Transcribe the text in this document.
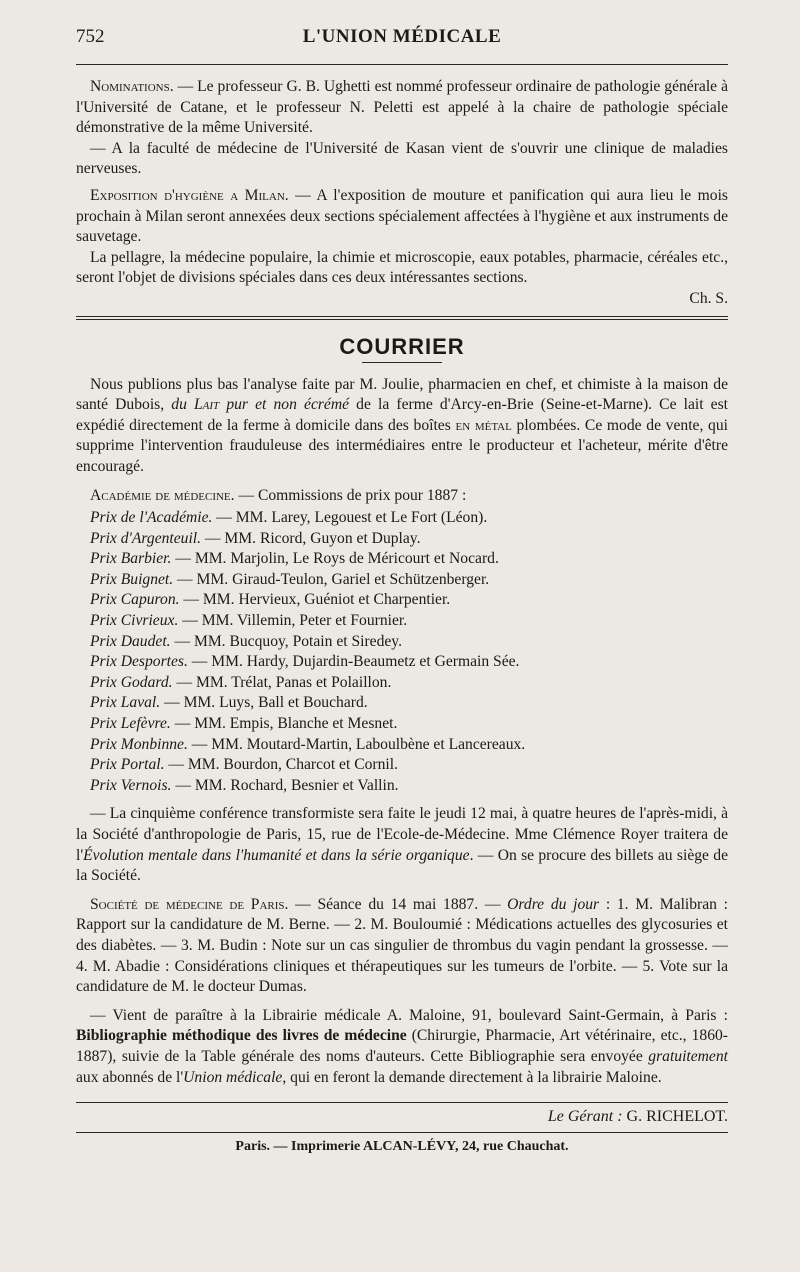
752	L'UNION MÉDICALE

Nominations. — Le professeur G. B. Ughetti est nommé professeur ordinaire de pathologie générale à l'Université de Catane, et le professeur N. Peletti est appelé à la chaire de pathologie spéciale démonstrative de la même Université.

— A la faculté de médecine de l'Université de Kasan vient de s'ouvrir une clinique de maladies nerveuses.

Exposition d'hygiène a Milan. — A l'exposition de mouture et panification qui aura lieu le mois prochain à Milan seront annexées deux sections spécialement affectées à l'hygiène et aux instruments de sauvetage.

La pellagre, la médecine populaire, la chimie et microscopie, eaux potables, pharmacie, céréales etc., seront l'objet de divisions spéciales dans ces deux intéressantes sections.

Ch. S.

COURRIER

Nous publions plus bas l'analyse faite par M. Joulie, pharmacien en chef, et chimiste à la maison de santé Dubois, du Lait pur et non écrémé de la ferme d'Arcy-en-Brie (Seine-et-Marne). Ce lait est expédié directement de la ferme à domicile dans des boîtes en métal plombées. Ce mode de vente, qui supprime l'intervention frauduleuse des intermédiaires entre le producteur et l'acheteur, mérite d'être encouragé.

Académie de médecine. — Commissions de prix pour 1887 :

Prix de l'Académie. — MM. Larey, Legouest et Le Fort (Léon).
Prix d'Argenteuil. — MM. Ricord, Guyon et Duplay.
Prix Barbier. — MM. Marjolin, Le Roys de Méricourt et Nocard.
Prix Buignet. — MM. Giraud-Teulon, Gariel et Schützenberger.
Prix Capuron. — MM. Hervieux, Guéniot et Charpentier.
Prix Civrieux. — MM. Villemin, Peter et Fournier.
Prix Daudet. — MM. Bucquoy, Potain et Siredey.
Prix Desportes. — MM. Hardy, Dujardin-Beaumetz et Germain Sée.
Prix Godard. — MM. Trélat, Panas et Polaillon.
Prix Laval. — MM. Luys, Ball et Bouchard.
Prix Lefèvre. — MM. Empis, Blanche et Mesnet.
Prix Monbinne. — MM. Moutard-Martin, Laboulbène et Lancereaux.
Prix Portal. — MM. Bourdon, Charcot et Cornil.
Prix Vernois. — MM. Rochard, Besnier et Vallin.

— La cinquième conférence transformiste sera faite le jeudi 12 mai, à quatre heures de l'après-midi, à la Société d'anthropologie de Paris, 15, rue de l'Ecole-de-Médecine. Mme Clémence Royer traitera de l'Évolution mentale dans l'humanité et dans la série organique. — On se procure des billets au siège de la Société.

Société de médecine de Paris. — Séance du 14 mai 1887. — Ordre du jour : 1. M. Malibran : Rapport sur la candidature de M. Berne. — 2. M. Bouloumié : Médications actuelles des glycosuries et des diabètes. — 3. M. Budin : Note sur un cas singulier de thrombus du vagin pendant la grossesse. — 4. M. Abadie : Considérations cliniques et thérapeutiques sur les tumeurs de l'orbite. — 5. Vote sur la candidature de M. le docteur Dumas.

— Vient de paraître à la Librairie médicale A. Maloine, 91, boulevard Saint-Germain, à Paris : Bibliographie méthodique des livres de médecine (Chirurgie, Pharmacie, Art vétérinaire, etc., 1860-1887), suivie de la Table générale des noms d'auteurs. Cette Bibliographie sera envoyée gratuitement aux abonnés de l'Union médicale, qui en feront la demande directement à la librairie Maloine.

Le Gérant : G. RICHELOT.

Paris. — Imprimerie ALCAN-LÉVY, 24, rue Chauchat.
